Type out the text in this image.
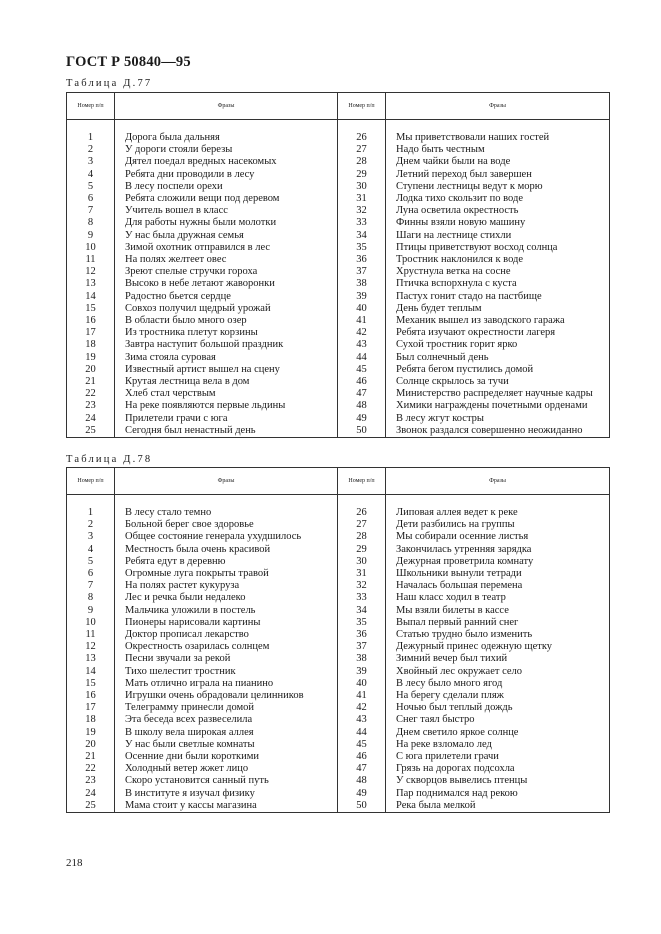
ГОСТ Р 50840—95
Таблица Д.77
Номер п/п	Фразы	Номер п/п	Фразы

1	Дорога была дальняя	26	Мы приветствовали наших гостей
2	У дороги стояли березы	27	Надо быть честным
3	Дятел поедал вредных насекомых	28	Днем чайки были на воде
4	Ребята дни проводили в лесу	29	Летний переход был завершен
5	В лесу поспели орехи	30	Ступени лестницы ведут к морю
6	Ребята сложили вещи под деревом	31	Лодка тихо скользит по воде
7	Учитель вошел в класс	32	Луна осветила окрестность
8	Для работы нужны были молотки	33	Финны взяли новую машину
9	У нас была дружная семья	34	Шаги на лестнице стихли
10	Зимой охотник отправился в лес	35	Птицы приветствуют восход солнца
11	На полях желтеет овес	36	Тростник наклонился к воде
12	Зреют спелые стручки гороха	37	Хрустнула ветка на сосне
13	Высоко в небе летают жаворонки	38	Птичка вспорхнула с куста
14	Радостно бьется сердце	39	Пастух гонит стадо на пастбище
15	Совхоз получил щедрый урожай	40	День будет теплым
16	В области было много озер	41	Механик вышел из заводского гаража
17	Из тростника плетут корзины	42	Ребята изучают окрестности лагеря
18	Завтра наступит большой праздник	43	Сухой тростник горит ярко
19	Зима стояла суровая	44	Был солнечный день
20	Известный артист вышел на сцену	45	Ребята бегом пустились домой
21	Крутая лестница вела в дом	46	Солнце скрылось за тучи
22	Хлеб стал черствым	47	Министерство распределяет научные кадры
23	На реке появляются первые льдины	48	Химики награждены почетными орденами
24	Прилетели грачи с юга	49	В лесу жгут костры
25	Сегодня был ненастный день	50	Звонок раздался совершенно неожиданно
Таблица Д.78
Номер п/п	Фразы	Номер п/п	Фразы

1	В лесу стало темно	26	Липовая аллея ведет к реке
2	Больной берег свое здоровье	27	Дети разбились на группы
3	Общее состояние генерала ухудшилось	28	Мы собирали осенние листья
4	Местность была очень красивой	29	Закончилась утренняя зарядка
5	Ребята едут в деревню	30	Дежурная проветрила комнату
6	Огромные луга покрыты травой	31	Школьники вынули тетради
7	На полях растет кукуруза	32	Началась большая перемена
8	Лес и речка были недалеко	33	Наш класс ходил в театр
9	Мальчика уложили в постель	34	Мы взяли билеты в кассе
10	Пионеры нарисовали картины	35	Выпал первый ранний снег
11	Доктор прописал лекарство	36	Статью трудно было изменить
12	Окрестность озарилась солнцем	37	Дежурный принес одежную щетку
13	Песни звучали за рекой	38	Зимний вечер был тихий
14	Тихо шелестит тростник	39	Хвойный лес окружает село
15	Мать отлично играла на пианино	40	В лесу было много ягод
16	Игрушки очень обрадовали целинников	41	На берегу сделали пляж
17	Телеграмму принесли домой	42	Ночью был теплый дождь
18	Эта беседа всех развеселила	43	Снег таял быстро
19	В школу вела широкая аллея	44	Днем светило яркое солнце
20	У нас были светлые комнаты	45	На реке взломало лед
21	Осенние дни были короткими	46	С юга прилетели грачи
22	Холодный ветер жжет лицо	47	Грязь на дорогах подсохла
23	Скоро установится санный путь	48	У скворцов вывелись птенцы
24	В институте я изучал физику	49	Пар поднимался над рекою
25	Мама стоит у кассы магазина	50	Река была мелкой
218
